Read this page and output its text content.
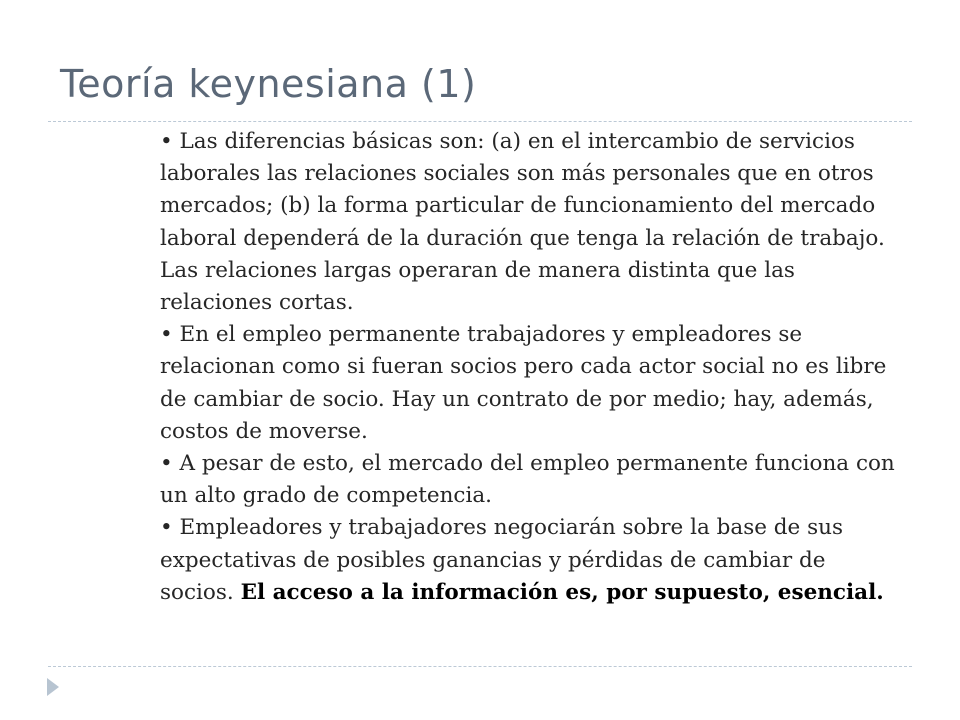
Teoría keynesiana (1)

• Las diferencias básicas son: (a) en el intercambio de servicios laborales las relaciones sociales son más personales que en otros mercados; (b) la forma particular de funcionamiento del mercado laboral dependerá de la duración que tenga la relación de trabajo. Las relaciones largas operaran de manera distinta que las relaciones cortas.

• En el empleo permanente trabajadores y empleadores se relacionan como si fueran socios pero cada actor social no es libre de cambiar de socio. Hay un contrato de por medio; hay, además, costos de moverse.

• A pesar de esto, el mercado del empleo permanente funciona con un alto grado de competencia.

• Empleadores y trabajadores negociarán sobre la base de sus expectativas de posibles ganancias y pérdidas de cambiar de socios. El acceso a la información es, por supuesto, esencial.
